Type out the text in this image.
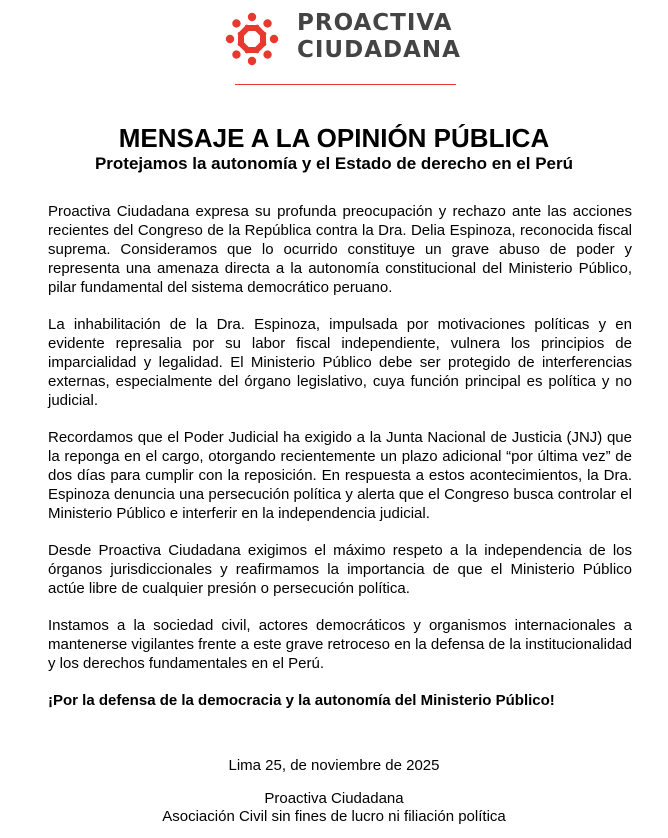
PROACTIVA
CIUDADANA
MENSAJE A LA OPINIÓN PÚBLICA
Protejamos la autonomía y el Estado de derecho en el Perú

Proactiva Ciudadana expresa su profunda preocupación y rechazo ante las acciones recientes del Congreso de la República contra la Dra. Delia Espinoza, reconocida fiscal suprema. Consideramos que lo ocurrido constituye un grave abuso de poder y representa una amenaza directa a la autonomía constitucional del Ministerio Público, pilar fundamental del sistema democrático peruano.

La inhabilitación de la Dra. Espinoza, impulsada por motivaciones políticas y en evidente represalia por su labor fiscal independiente, vulnera los principios de imparcialidad y legalidad. El Ministerio Público debe ser protegido de interferencias externas, especialmente del órgano legislativo, cuya función principal es política y no judicial.

Recordamos que el Poder Judicial ha exigido a la Junta Nacional de Justicia (JNJ) que la reponga en el cargo, otorgando recientemente un plazo adicional “por última vez” de dos días para cumplir con la reposición. En respuesta a estos acontecimientos, la Dra. Espinoza denuncia una persecución política y alerta que el Congreso busca controlar el Ministerio Público e interferir en la independencia judicial.

Desde Proactiva Ciudadana exigimos el máximo respeto a la independencia de los órganos jurisdiccionales y reafirmamos la importancia de que el Ministerio Público actúe libre de cualquier presión o persecución política.

Instamos a la sociedad civil, actores democráticos y organismos internacionales a mantenerse vigilantes frente a este grave retroceso en la defensa de la institucionalidad y los derechos fundamentales en el Perú.

¡Por la defensa de la democracia y la autonomía del Ministerio Público!

Lima 25, de noviembre de 2025
Proactiva Ciudadana
Asociación Civil sin fines de lucro ni filiación política
